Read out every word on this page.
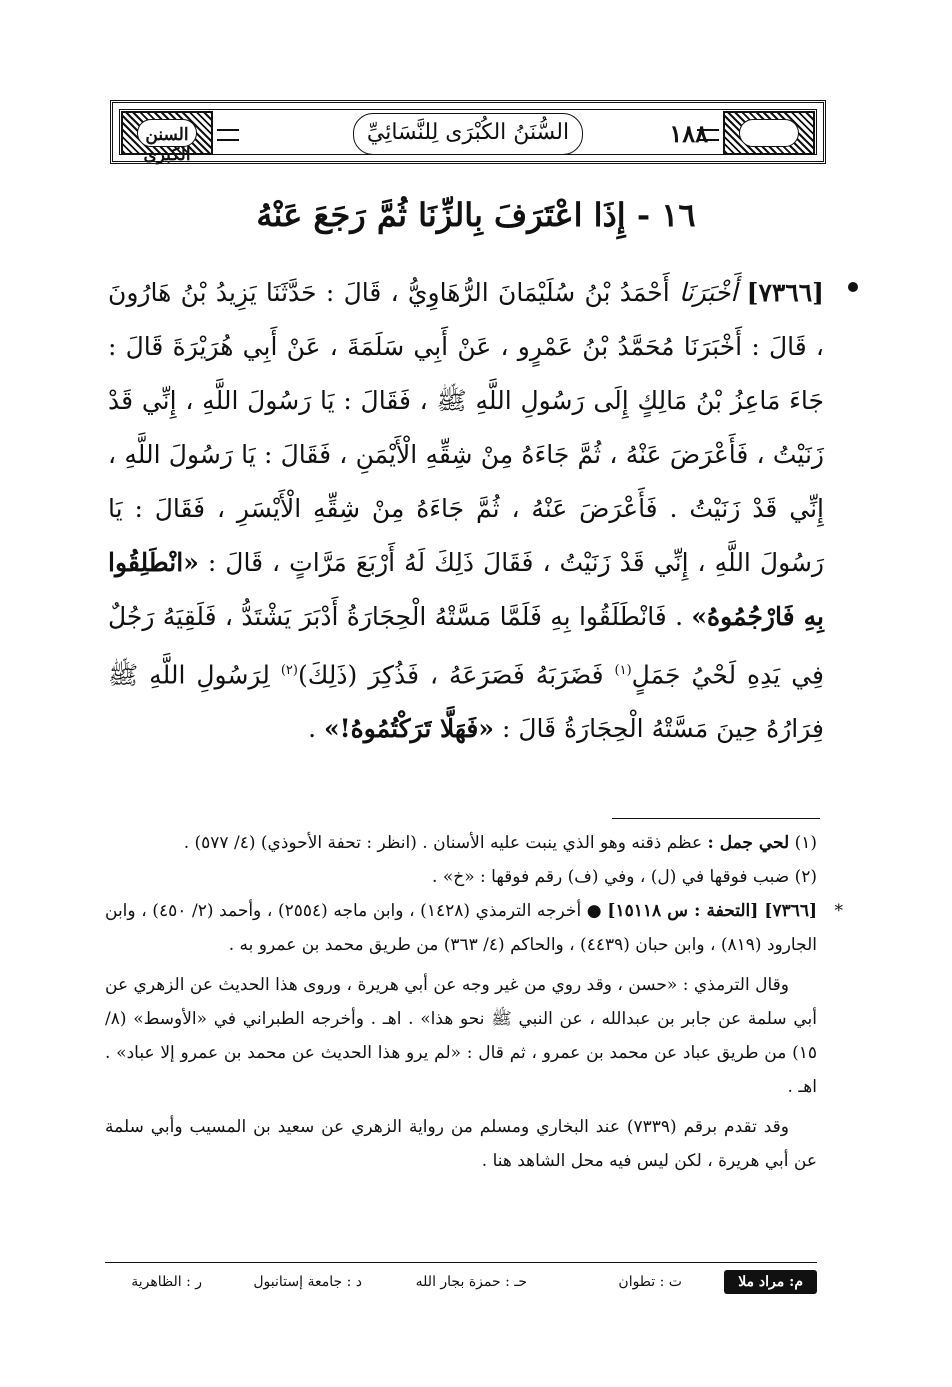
السنن الكبرى
السُّنَنُ الكُبْرَى لِلنَّسَائِيِّ	١٨٨
١٦ - إِذَا اعْتَرَفَ بِالزِّنَا ثُمَّ رَجَعَ عَنْهُ
[٧٣٦٦] أَخْبَرَنَا أَحْمَدُ بْنُ سُلَيْمَانَ الرُّهَاوِيُّ ، قَالَ : حَدَّثَنَا يَزِيدُ بْنُ هَارُونَ ، قَالَ : أَخْبَرَنَا مُحَمَّدُ بْنُ عَمْرٍو ، عَنْ أَبِي سَلَمَةَ ، عَنْ أَبِي هُرَيْرَةَ قَالَ : جَاءَ مَاعِزُ بْنُ مَالِكٍ إِلَى رَسُولِ اللَّهِ ﷺ ، فَقَالَ : يَا رَسُولَ اللَّهِ ، إِنِّي قَدْ زَنَيْتُ ، فَأَعْرَضَ عَنْهُ ، ثُمَّ جَاءَهُ مِنْ شِقِّهِ الْأَيْمَنِ ، فَقَالَ : يَا رَسُولَ اللَّهِ ، إِنِّي قَدْ زَنَيْتُ . فَأَعْرَضَ عَنْهُ ، ثُمَّ جَاءَهُ مِنْ شِقِّهِ الْأَيْسَرِ ، فَقَالَ : يَا رَسُولَ اللَّهِ ، إِنِّي قَدْ زَنَيْتُ ، فَقَالَ ذَلِكَ لَهُ أَرْبَعَ مَرَّاتٍ ، قَالَ : «انْطَلِقُوا بِهِ فَارْجُمُوهُ» . فَانْطَلَقُوا بِهِ فَلَمَّا مَسَّتْهُ الْحِجَارَةُ أَدْبَرَ يَشْتَدُّ ، فَلَقِيَهُ رَجُلٌ فِي يَدِهِ لَحْيُ جَمَلٍ$^{(١)}$ فَضَرَبَهُ فَصَرَعَهُ ، فَذُكِرَ (ذَلِكَ)$^{(٢)}$ لِرَسُولِ اللَّهِ ﷺ فِرَارُهُ حِينَ مَسَّتْهُ الْحِجَارَةُ قَالَ : «فَهَلَّا تَرَكْتُمُوهُ!» .

(١) لحي جمل : عظم ذقنه وهو الذي ينبت عليه الأسنان . (انظر : تحفة الأحوذي) (٤/ ٥٧٧) .

(٢) ضبب فوقها في (ل) ، وفي (ف) رقم فوقها : «خ» .

*
[٧٣٦٦] [التحفة : س ١٥١١٨] ● أخرجه الترمذي (١٤٢٨) ، وابن ماجه (٢٥٥٤) ، وأحمد (٢/ ٤٥٠) ، وابن الجارود (٨١٩) ، وابن حبان (٤٤٣٩) ، والحاكم (٤/ ٣٦٣) من طريق محمد بن عمرو به .

وقال الترمذي : «حسن ، وقد روي من غير وجه عن أبي هريرة ، وروى هذا الحديث عن الزهري عن أبي سلمة عن جابر بن عبدالله ، عن النبي ﷺ نحو هذا» . اهـ . وأخرجه الطبراني في «الأوسط» (٨/ ١٥) من طريق عباد عن محمد بن عمرو ، ثم قال : «لم يرو هذا الحديث عن محمد بن عمرو إلا عباد» . اهـ .

وقد تقدم برقم (٧٣٣٩) عند البخاري ومسلم من رواية الزهري عن سعيد بن المسيب وأبي سلمة عن أبي هريرة ، لكن ليس فيه محل الشاهد هنا .

م: مراد ملا
ت : تطوان
حـ : حمزة بجار الله
د : جامعة إستانبول
ر : الظاهرية
